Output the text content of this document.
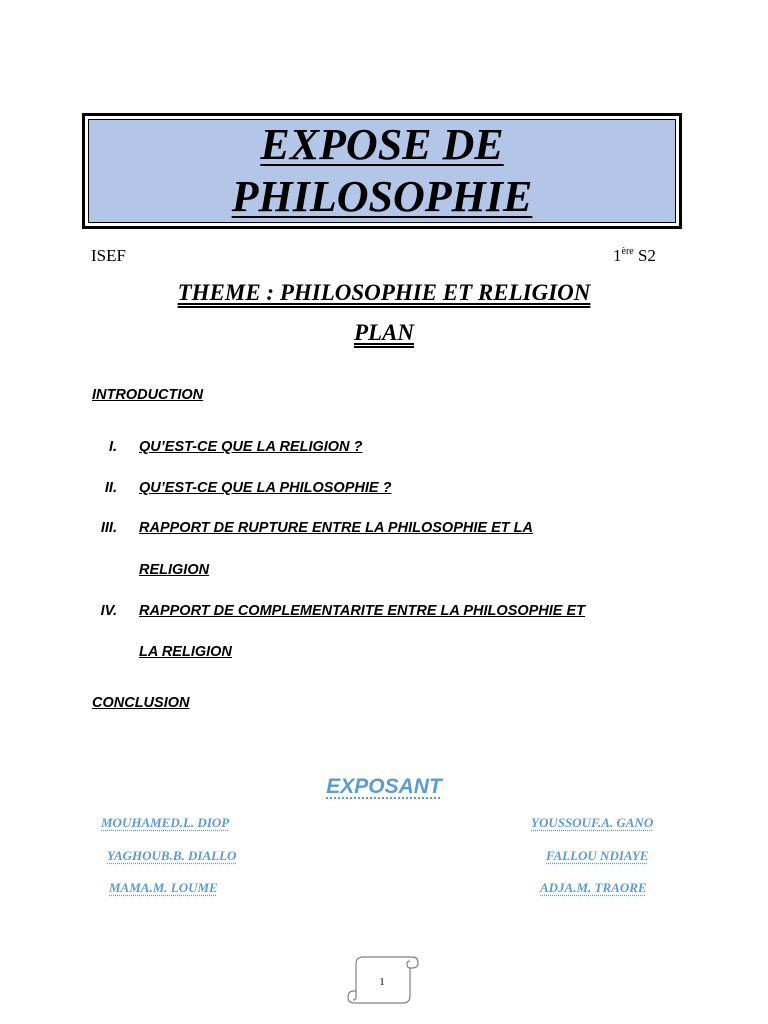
EXPOSE DE
PHILOSOPHIE
ISEF	1ère S2
THEME : PHILOSOPHIE ET RELIGION
PLAN
INTRODUCTION
I. QU’EST-CE QUE LA RELIGION ?
II. QU’EST-CE QUE LA PHILOSOPHIE ?
III. RAPPORT DE RUPTURE ENTRE LA PHILOSOPHIE ET LA
RELIGION
IV. RAPPORT DE COMPLEMENTARITE ENTRE LA PHILOSOPHIE ET
LA RELIGION
CONCLUSION
EXPOSANT
MOUHAMED.L. DIOP
YAGHOUB.B. DIALLO
MAMA.M. LOUME
YOUSSOUF.A. GANO
FALLOU NDIAYE
ADJA.M. TRAORE
1
